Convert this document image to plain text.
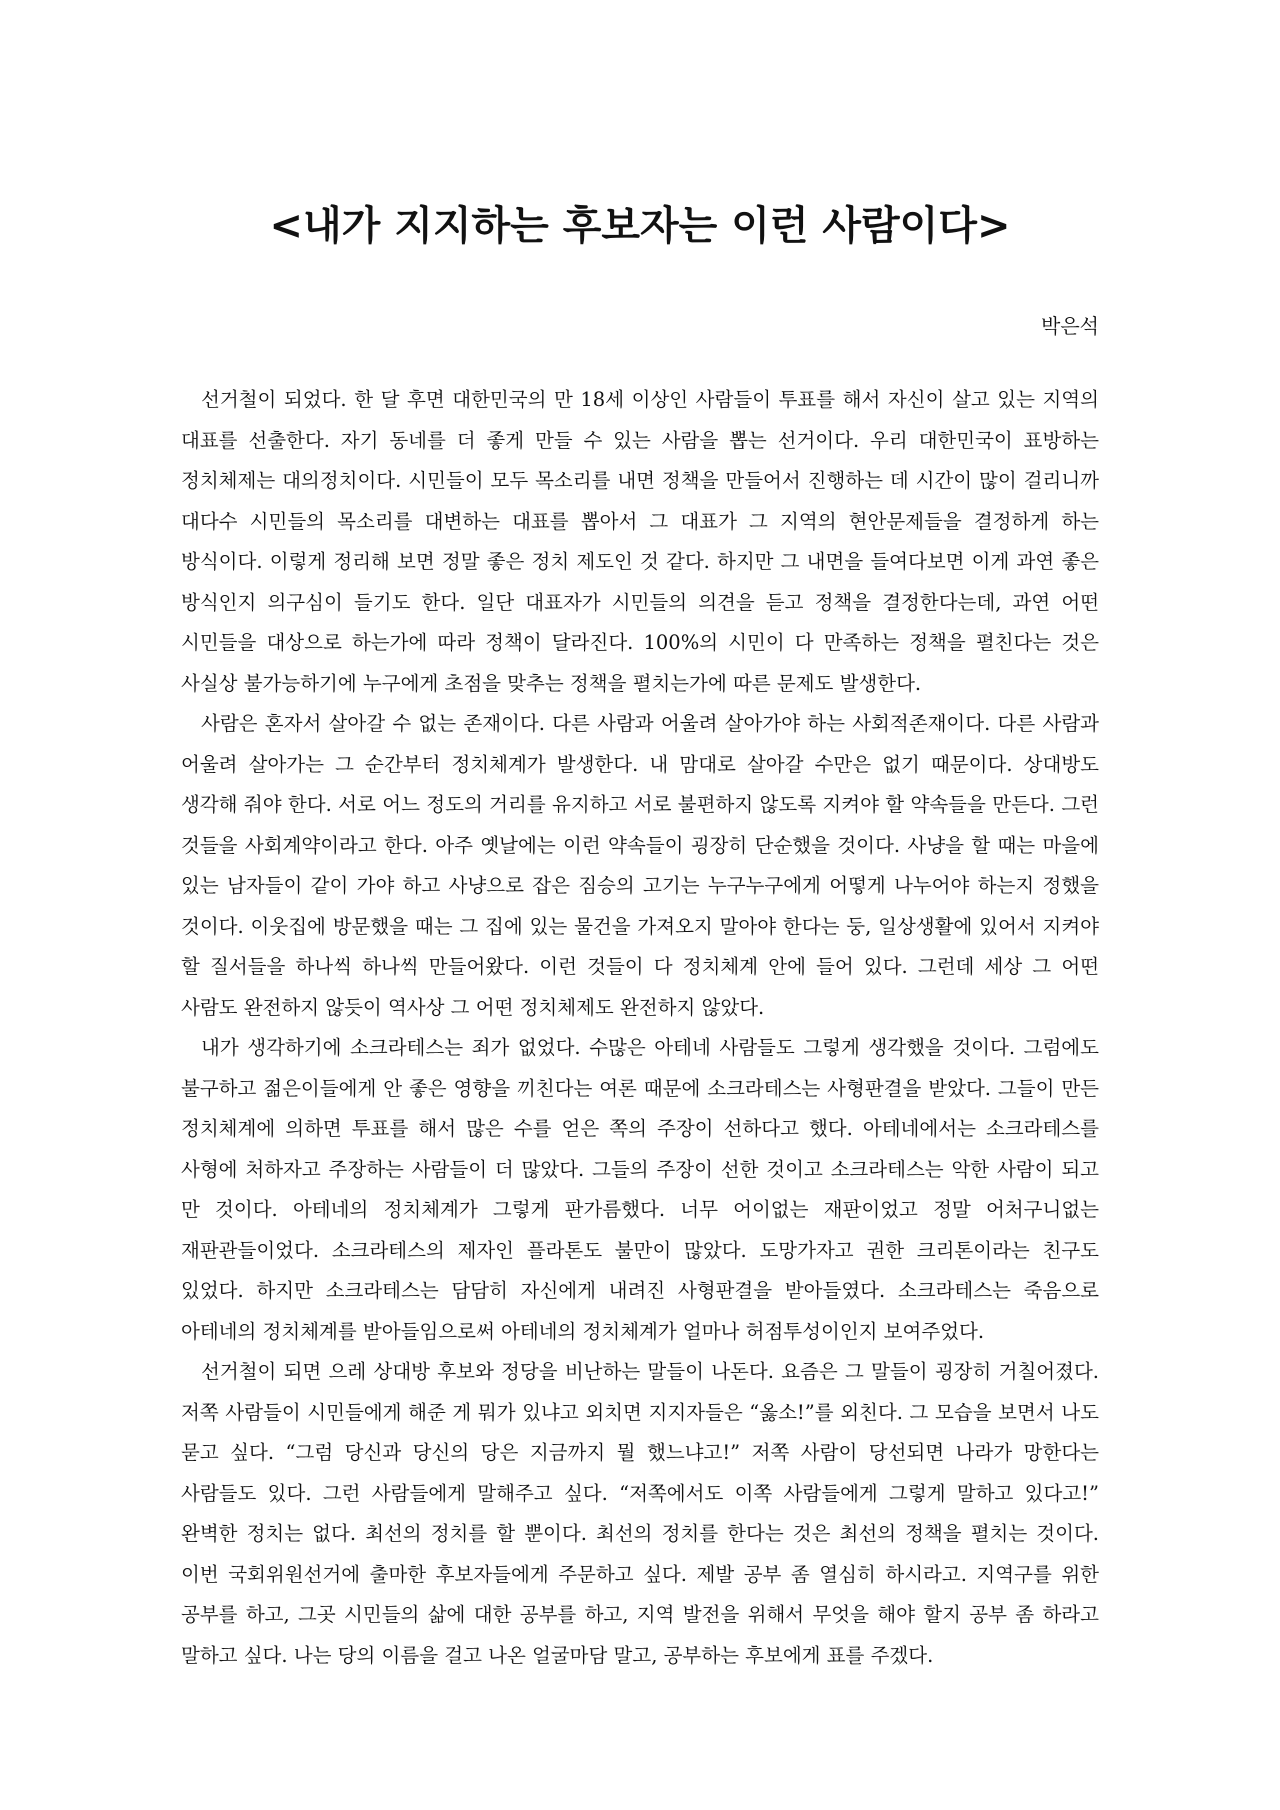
<내가 지지하는 후보자는 이런 사람이다>
박은석

선거철이 되었다. 한 달 후면 대한민국의 만 18세 이상인 사람들이 투표를 해서 자신이 살고 있는 지역의 대표를 선출한다. 자기 동네를 더 좋게 만들 수 있는 사람을 뽑는 선거이다. 우리 대한민국이 표방하는 정치체제는 대의정치이다. 시민들이 모두 목소리를 내면 정책을 만들어서 진행하는 데 시간이 많이 걸리니까 대다수 시민들의 목소리를 대변하는 대표를 뽑아서 그 대표가 그 지역의 현안문제들을 결정하게 하는 방식이다. 이렇게 정리해 보면 정말 좋은 정치 제도인 것 같다. 하지만 그 내면을 들여다보면 이게 과연 좋은 방식인지 의구심이 들기도 한다. 일단 대표자가 시민들의 의견을 듣고 정책을 결정한다는데, 과연 어떤 시민들을 대상으로 하는가에 따라 정책이 달라진다. 100%의 시민이 다 만족하는 정책을 펼친다는 것은 사실상 불가능하기에 누구에게 초점을 맞추는 정책을 펼치는가에 따른 문제도 발생한다.

사람은 혼자서 살아갈 수 없는 존재이다. 다른 사람과 어울려 살아가야 하는 사회적존재이다. 다른 사람과 어울려 살아가는 그 순간부터 정치체계가 발생한다. 내 맘대로 살아갈 수만은 없기 때문이다. 상대방도 생각해 줘야 한다. 서로 어느 정도의 거리를 유지하고 서로 불편하지 않도록 지켜야 할 약속들을 만든다. 그런 것들을 사회계약이라고 한다. 아주 옛날에는 이런 약속들이 굉장히 단순했을 것이다. 사냥을 할 때는 마을에 있는 남자들이 같이 가야 하고 사냥으로 잡은 짐승의 고기는 누구누구에게 어떻게 나누어야 하는지 정했을 것이다. 이웃집에 방문했을 때는 그 집에 있는 물건을 가져오지 말아야 한다는 둥, 일상생활에 있어서 지켜야 할 질서들을 하나씩 하나씩 만들어왔다. 이런 것들이 다 정치체계 안에 들어 있다. 그런데 세상 그 어떤 사람도 완전하지 않듯이 역사상 그 어떤 정치체제도 완전하지 않았다.

내가 생각하기에 소크라테스는 죄가 없었다. 수많은 아테네 사람들도 그렇게 생각했을 것이다. 그럼에도 불구하고 젊은이들에게 안 좋은 영향을 끼친다는 여론 때문에 소크라테스는 사형판결을 받았다. 그들이 만든 정치체계에 의하면 투표를 해서 많은 수를 얻은 쪽의 주장이 선하다고 했다. 아테네에서는 소크라테스를 사형에 처하자고 주장하는 사람들이 더 많았다. 그들의 주장이 선한 것이고 소크라테스는 악한 사람이 되고 만 것이다. 아테네의 정치체계가 그렇게 판가름했다. 너무 어이없는 재판이었고 정말 어처구니없는 재판관들이었다. 소크라테스의 제자인 플라톤도 불만이 많았다. 도망가자고 권한 크리톤이라는 친구도 있었다. 하지만 소크라테스는 담담히 자신에게 내려진 사형판결을 받아들였다. 소크라테스는 죽음으로 아테네의 정치체계를 받아들임으로써 아테네의 정치체계가 얼마나 허점투성이인지 보여주었다.

선거철이 되면 으레 상대방 후보와 정당을 비난하는 말들이 나돈다. 요즘은 그 말들이 굉장히 거칠어졌다. 저쪽 사람들이 시민들에게 해준 게 뭐가 있냐고 외치면 지지자들은 “옳소!”를 외친다. 그 모습을 보면서 나도 묻고 싶다. “그럼 당신과 당신의 당은 지금까지 뭘 했느냐고!” 저쪽 사람이 당선되면 나라가 망한다는 사람들도 있다. 그런 사람들에게 말해주고 싶다. “저쪽에서도 이쪽 사람들에게 그렇게 말하고 있다고!” 완벽한 정치는 없다. 최선의 정치를 할 뿐이다. 최선의 정치를 한다는 것은 최선의 정책을 펼치는 것이다. 이번 국회위원선거에 출마한 후보자들에게 주문하고 싶다. 제발 공부 좀 열심히 하시라고. 지역구를 위한 공부를 하고, 그곳 시민들의 삶에 대한 공부를 하고, 지역 발전을 위해서 무엇을 해야 할지 공부 좀 하라고 말하고 싶다. 나는 당의 이름을 걸고 나온 얼굴마담 말고, 공부하는 후보에게 표를 주겠다.
